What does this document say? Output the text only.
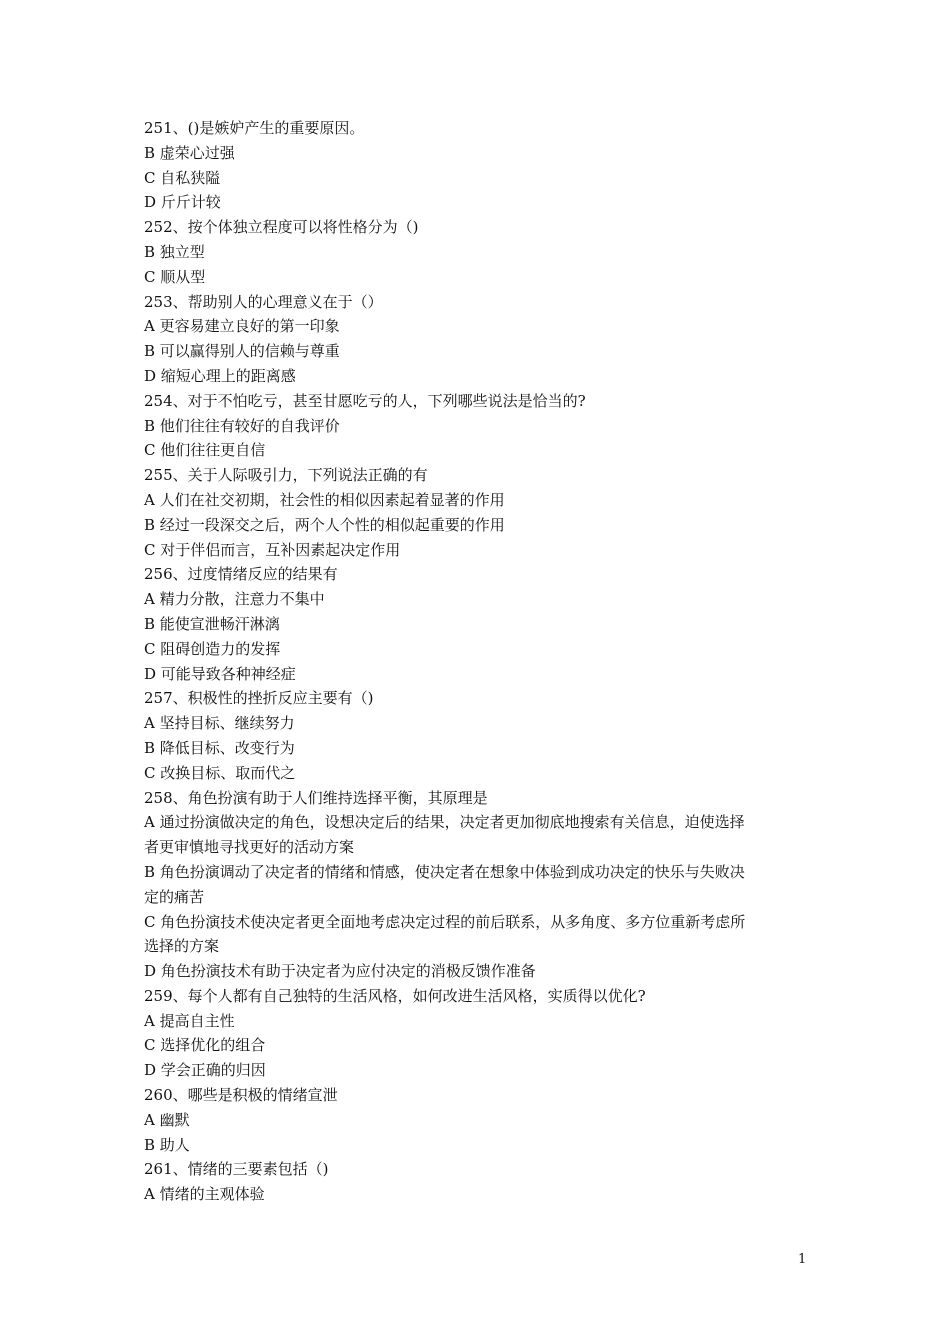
251、()是嫉妒产生的重要原因。
B 虚荣心过强
C 自私狭隘
D 斤斤计较
252、按个体独立程度可以将性格分为（)
B 独立型
C 顺从型
253、帮助别人的心理意义在于（）
A 更容易建立良好的第一印象
B 可以赢得别人的信赖与尊重
D 缩短心理上的距离感
254、对于不怕吃亏，甚至甘愿吃亏的人，下列哪些说法是恰当的?
B 他们往往有较好的自我评价
C 他们往往更自信
255、关于人际吸引力，下列说法正确的有
A 人们在社交初期，社会性的相似因素起着显著的作用
B 经过一段深交之后，两个人个性的相似起重要的作用
C 对于伴侣而言，互补因素起决定作用
256、过度情绪反应的结果有
A 精力分散，注意力不集中
B 能使宣泄畅汗淋漓
C 阻碍创造力的发挥
D 可能导致各种神经症
257、积极性的挫折反应主要有（)
A 坚持目标、继续努力
B 降低目标、改变行为
C 改换目标、取而代之
258、角色扮演有助于人们维持选择平衡，其原理是
A 通过扮演做决定的角色，设想决定后的结果，决定者更加彻底地搜索有关信息，迫使选择
者更审慎地寻找更好的活动方案
B 角色扮演调动了决定者的情绪和情感，使决定者在想象中体验到成功决定的快乐与失败决
定的痛苦
C 角色扮演技术使决定者更全面地考虑决定过程的前后联系，从多角度、多方位重新考虑所
选择的方案
D 角色扮演技术有助于决定者为应付决定的消极反馈作准备
259、每个人都有自己独特的生活风格，如何改进生活风格，实质得以优化?
A 提高自主性
C 选择优化的组合
D 学会正确的归因
260、哪些是积极的情绪宣泄
A 幽默
B 助人
261、情绪的三要素包括（)
A 情绪的主观体验
1
